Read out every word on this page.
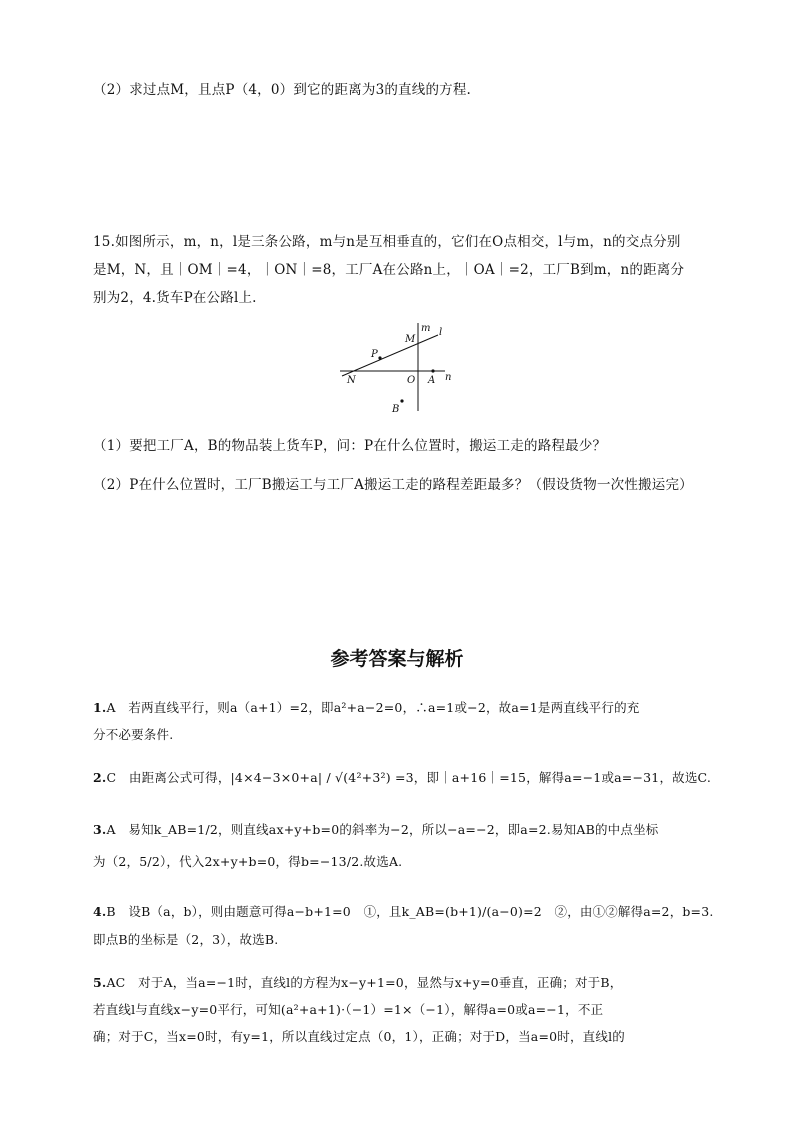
（2）求过点M，且点P（4，0）到它的距离为3的直线的方程.
15.如图所示，m，n，l是三条公路，m与n是互相垂直的，它们在O点相交，l与m，n的交点分别
是M，N，且｜OM｜=4，｜ON｜=8，工厂A在公路n上，｜OA｜=2，工厂B到m，n的距离分
别为2，4.货车P在公路l上.
m l
M
P
N	O A n
B
（1）要把工厂A，B的物品装上货车P，问：P在什么位置时，搬运工走的路程最少？
（2）P在什么位置时，工厂B搬运工与工厂A搬运工走的路程差距最多？（假设货物一次性搬运完）
参考答案与解析
1.A　若两直线平行，则a（a+1）=2，即a²+a−2=0，∴a=1或−2，故a=1是两直线平行的充
分不必要条件.
2.C　由距离公式可得，|4×4−3×0+a| / √(4²+3²) =3，即｜a+16｜=15，解得a=−1或a=−31，故选C.
3.A　易知k_AB=1/2，则直线ax+y+b=0的斜率为−2，所以−a=−2，即a=2.易知AB的中点坐标
为（2，5/2），代入2x+y+b=0，得b=−13/2.故选A.
4.B　设B（a，b），则由题意可得a−b+1=0　①，且k_AB=(b+1)/(a−0)=2　②，由①②解得a=2，b=3.
即点B的坐标是（2，3），故选B.
5.AC　对于A，当a=−1时，直线l的方程为x−y+1=0，显然与x+y=0垂直，正确；对于B，
若直线l与直线x−y=0平行，可知(a²+a+1)·（−1）=1×（−1），解得a=0或a=−1，不正
确；对于C，当x=0时，有y=1，所以直线过定点（0，1），正确；对于D，当a=0时，直线l的
